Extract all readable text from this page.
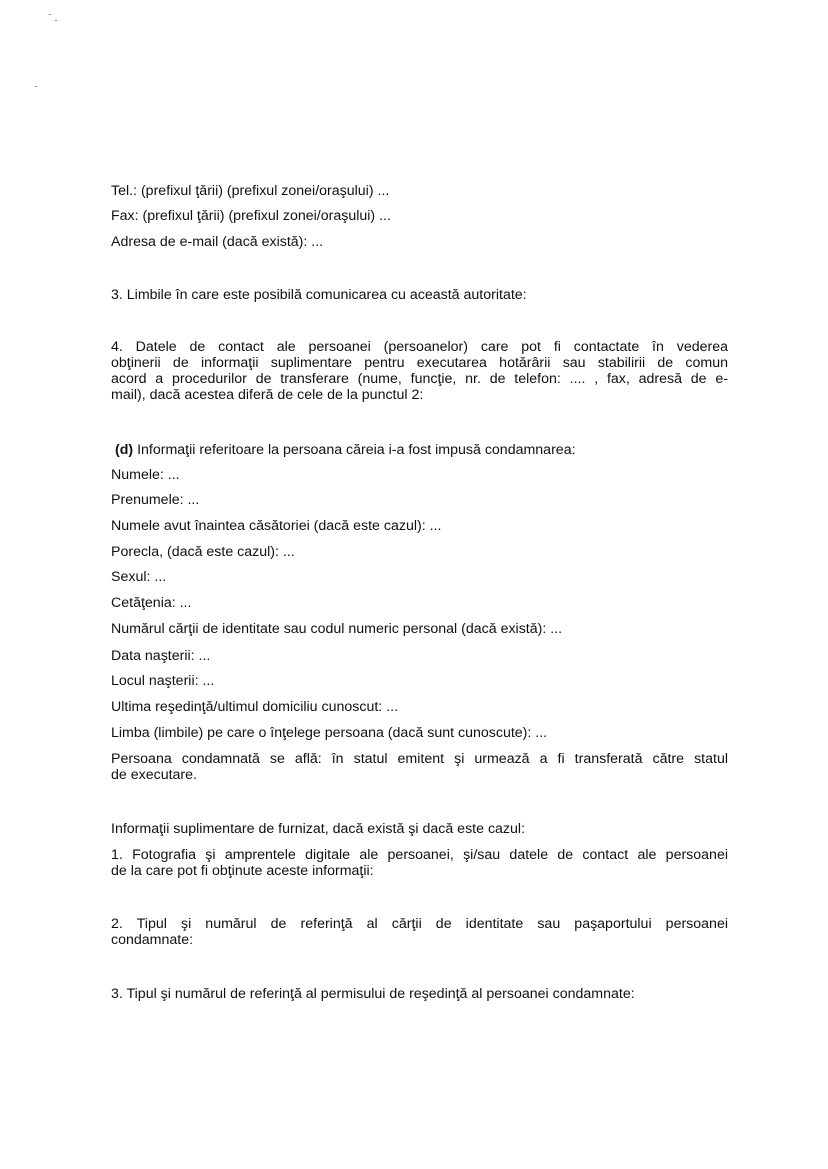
Tel.: (prefixul ţării) (prefixul zonei/oraşului) ...
Fax: (prefixul ţării) (prefixul zonei/oraşului) ...
Adresa de e-mail (dacă există): ...
3. Limbile în care este posibilă comunicarea cu această autoritate:
4. Datele de contact ale persoanei (persoanelor) care pot fi contactate în vederea
obţinerii de informaţii suplimentare pentru executarea hotărârii sau stabilirii de comun
acord a procedurilor de transferare (nume, funcţie, nr. de telefon: .... , fax, adresă de e-
mail), dacă acestea diferă de cele de la punctul 2:
(d) Informaţii referitoare la persoana căreia i-a fost impusă condamnarea:
Numele: ...
Prenumele: ...
Numele avut înaintea căsătoriei (dacă este cazul): ...
Porecla, (dacă este cazul): ...
Sexul: ...
Cetăţenia: ...
Numărul cărţii de identitate sau codul numeric personal (dacă există): ...
Data naşterii: ...
Locul naşterii: ...
Ultima reşedinţă/ultimul domiciliu cunoscut: ...
Limba (limbile) pe care o înţelege persoana (dacă sunt cunoscute): ...
Persoana condamnată se află: în statul emitent şi urmează a fi transferată către statul
de executare.
Informaţii suplimentare de furnizat, dacă există şi dacă este cazul:
1. Fotografia şi amprentele digitale ale persoanei, şi/sau datele de contact ale persoanei
de la care pot fi obţinute aceste informaţii:
2. Tipul şi numărul de referinţă al cărţii de identitate sau paşaportului persoanei
condamnate:
3. Tipul şi numărul de referinţă al permisului de reşedinţă al persoanei condamnate:
